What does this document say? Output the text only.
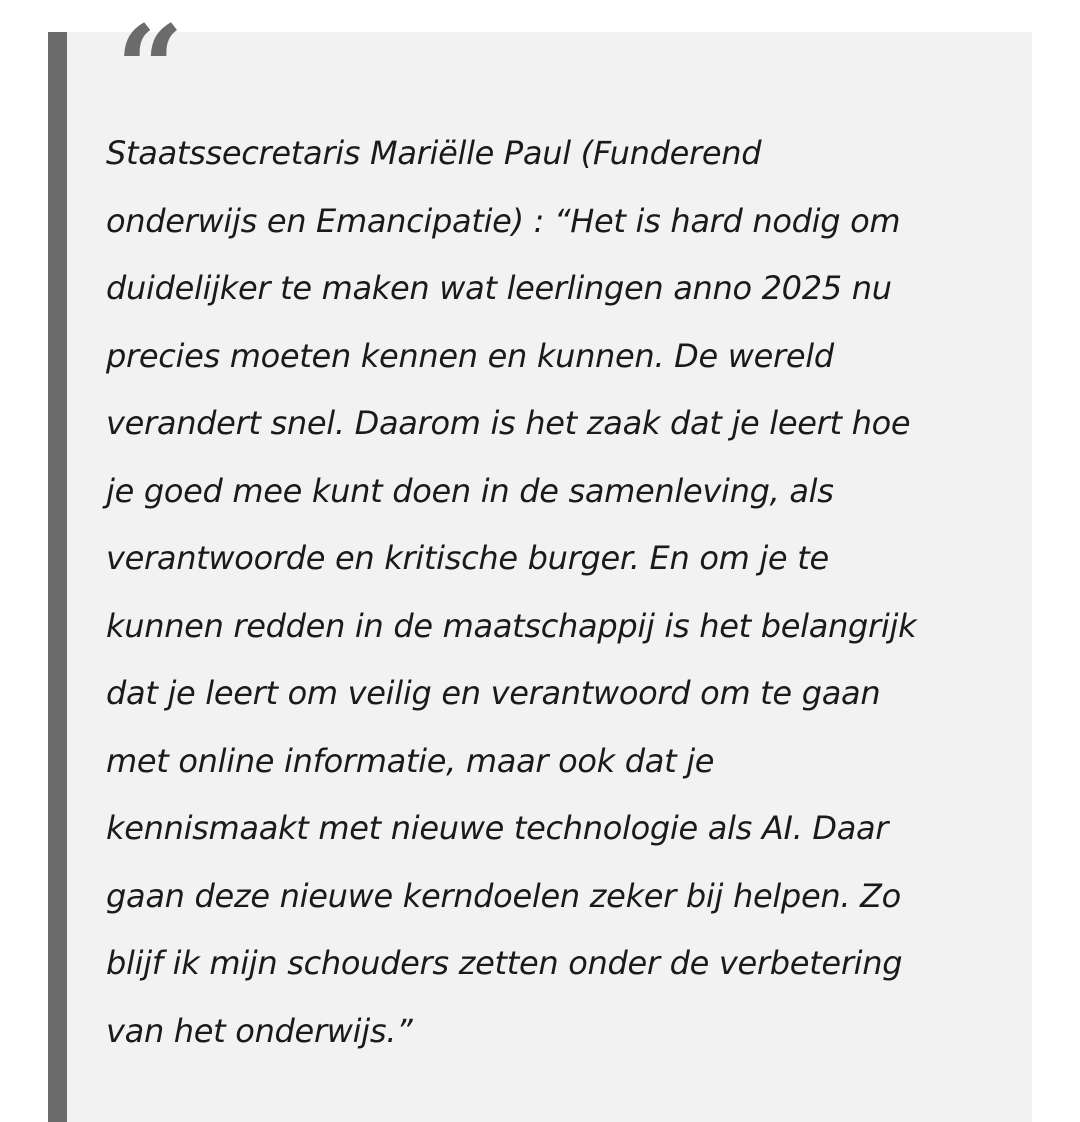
“

Staatssecretaris Mariëlle Paul (Funderend
onderwijs en Emancipatie) : “Het is hard nodig om
duidelijker te maken wat leerlingen anno 2025 nu
precies moeten kennen en kunnen. De wereld
verandert snel. Daarom is het zaak dat je leert hoe
je goed mee kunt doen in de samenleving, als
verantwoorde en kritische burger. En om je te
kunnen redden in de maatschappij is het belangrijk
dat je leert om veilig en verantwoord om te gaan
met online informatie, maar ook dat je
kennismaakt met nieuwe technologie als AI. Daar
gaan deze nieuwe kerndoelen zeker bij helpen. Zo
blijf ik mijn schouders zetten onder de verbetering
van het onderwijs.”
